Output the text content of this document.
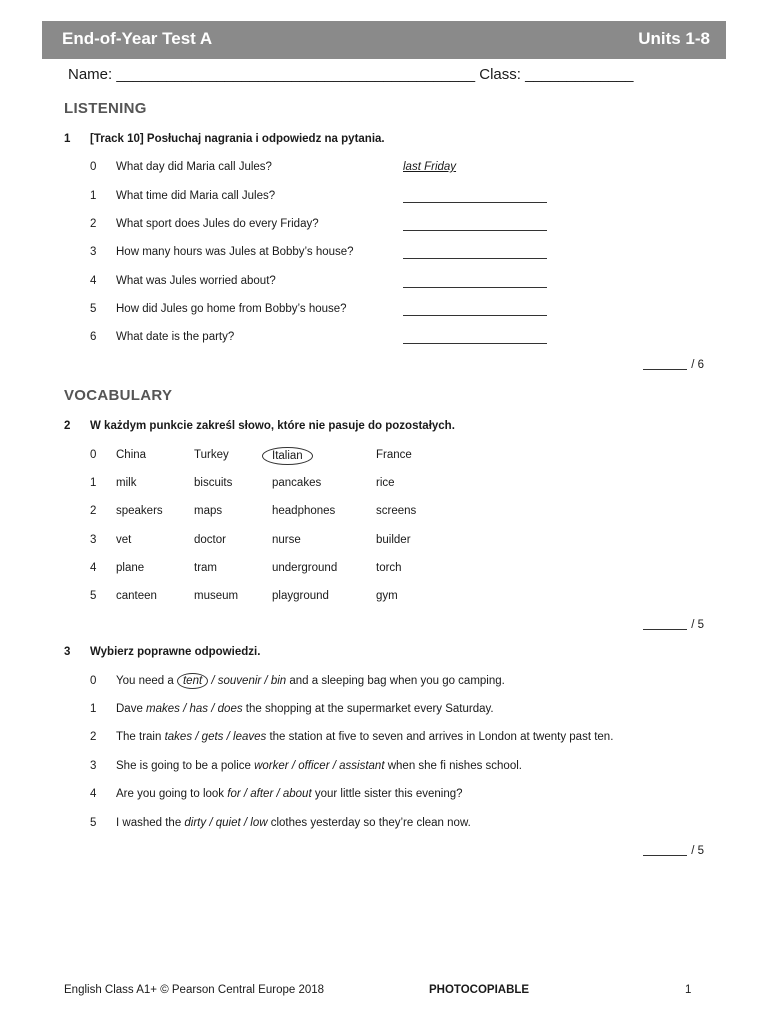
End-of-Year Test A	Units 1-8
Name: ___________________________________________ Class: _____________
LISTENING
1 [Track 10] Posłuchaj nagrania i odpowiedz na pytania.
0 What day did Maria call Jules?	last Friday
1 What time did Maria call Jules?
2 What sport does Jules do every Friday?
3 How many hours was Jules at Bobby’s house?
4 What was Jules worried about?
5 How did Jules go home from Bobby’s house?
6 What date is the party?
/ 6
VOCABULARY
2 W każdym punkcie zakreśl słowo, które nie pasuje do pozostałych.
0 China	Turkey	Italian	France
1 milk	biscuits	pancakes	rice
2 speakers	maps	headphones	screens
3 vet	doctor	nurse	builder
4 plane	tram	underground	torch
5 canteen	museum	playground	gym
/ 5
3 Wybierz poprawne odpowiedzi.
0 You need a tent / souvenir / bin and a sleeping bag when you go camping.
1 Dave makes / has / does the shopping at the supermarket every Saturday.
2 The train takes / gets / leaves the station at five to seven and arrives in London at twenty past ten.
3 She is going to be a police worker / officer / assistant when she fi nishes school.
4 Are you going to look for / after / about your little sister this evening?
5 I washed the dirty / quiet / low clothes yesterday so they’re clean now.
/ 5
English Class A1+ © Pearson Central Europe 2018	PHOTOCOPIABLE	1
